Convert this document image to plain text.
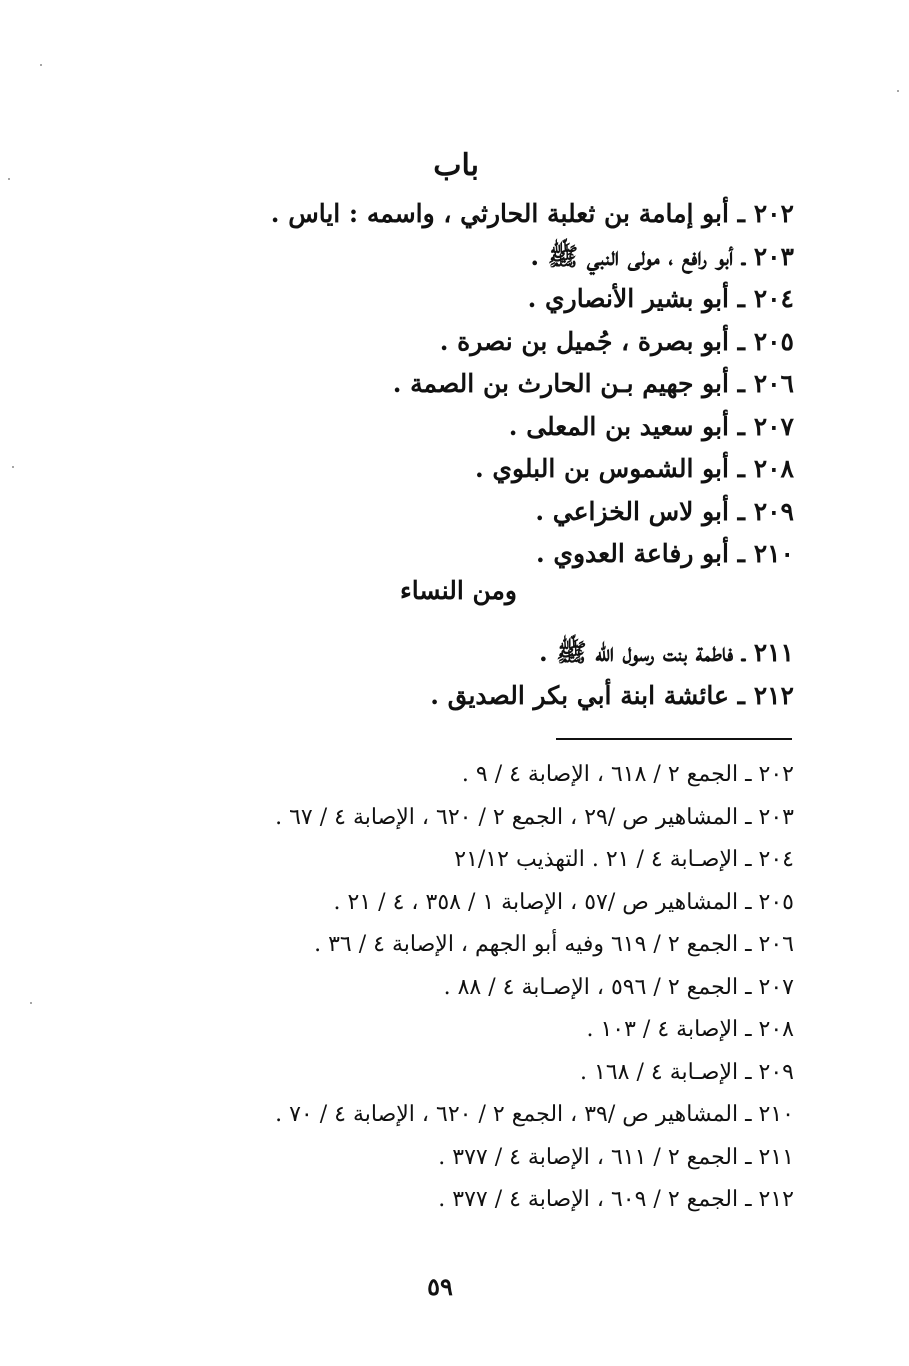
باب
٢٠٢ ـ أبو إمامة بن ثعلبة الحارثي ، واسمه : اياس .
٢٠٣ ـ أبو رافع ، مولى النبي ﷺ .
٢٠٤ ـ أبو بشير الأنصاري .
٢٠٥ ـ أبو بصرة ، جُميل بن نصرة .
٢٠٦ ـ أبو جهيم بـن الحارث بن الصمة .
٢٠٧ ـ أبو سعيد بن المعلى .
٢٠٨ ـ أبو الشموس بن البلوي .
٢٠٩ ـ أبو لاس الخزاعي .
٢١٠ ـ أبو رفاعة العدوي .
ومن النساء
٢١١ ـ فاطمة بنت رسول الله ﷺ .
٢١٢ ـ عائشة ابنة أبي بكر الصديق .
٢٠٢ ـ الجمع ٢ / ٦١٨ ، الإصابة ٤ / ٩ .
٢٠٣ ـ المشاهير ص /٢٩ ، الجمع ٢ / ٦٢٠ ، الإصابة ٤ / ٦٧ .
٢٠٤ ـ الإصـابة ٤ / ٢١ . التهذيب ٢١/١٢
٢٠٥ ـ المشاهير ص /٥٧ ، الإصابة ١ / ٣٥٨ ، ٤ / ٢١ .
٢٠٦ ـ الجمع ٢ / ٦١٩ وفيه أبو الجهم ، الإصابة ٤ / ٣٦ .
٢٠٧ ـ الجمع ٢ / ٥٩٦ ، الإصـابة ٤ / ٨٨ .
٢٠٨ ـ الإصابة ٤ / ١٠٣ .
٢٠٩ ـ الإصـابة ٤ / ١٦٨ .
٢١٠ ـ المشاهير ص /٣٩ ، الجمع ٢ / ٦٢٠ ، الإصابة ٤ / ٧٠ .
٢١١ ـ الجمع ٢ / ٦١١ ، الإصابة ٤ / ٣٧٧ .
٢١٢ ـ الجمع ٢ / ٦٠٩ ، الإصابة ٤ / ٣٧٧ .
٥٩
